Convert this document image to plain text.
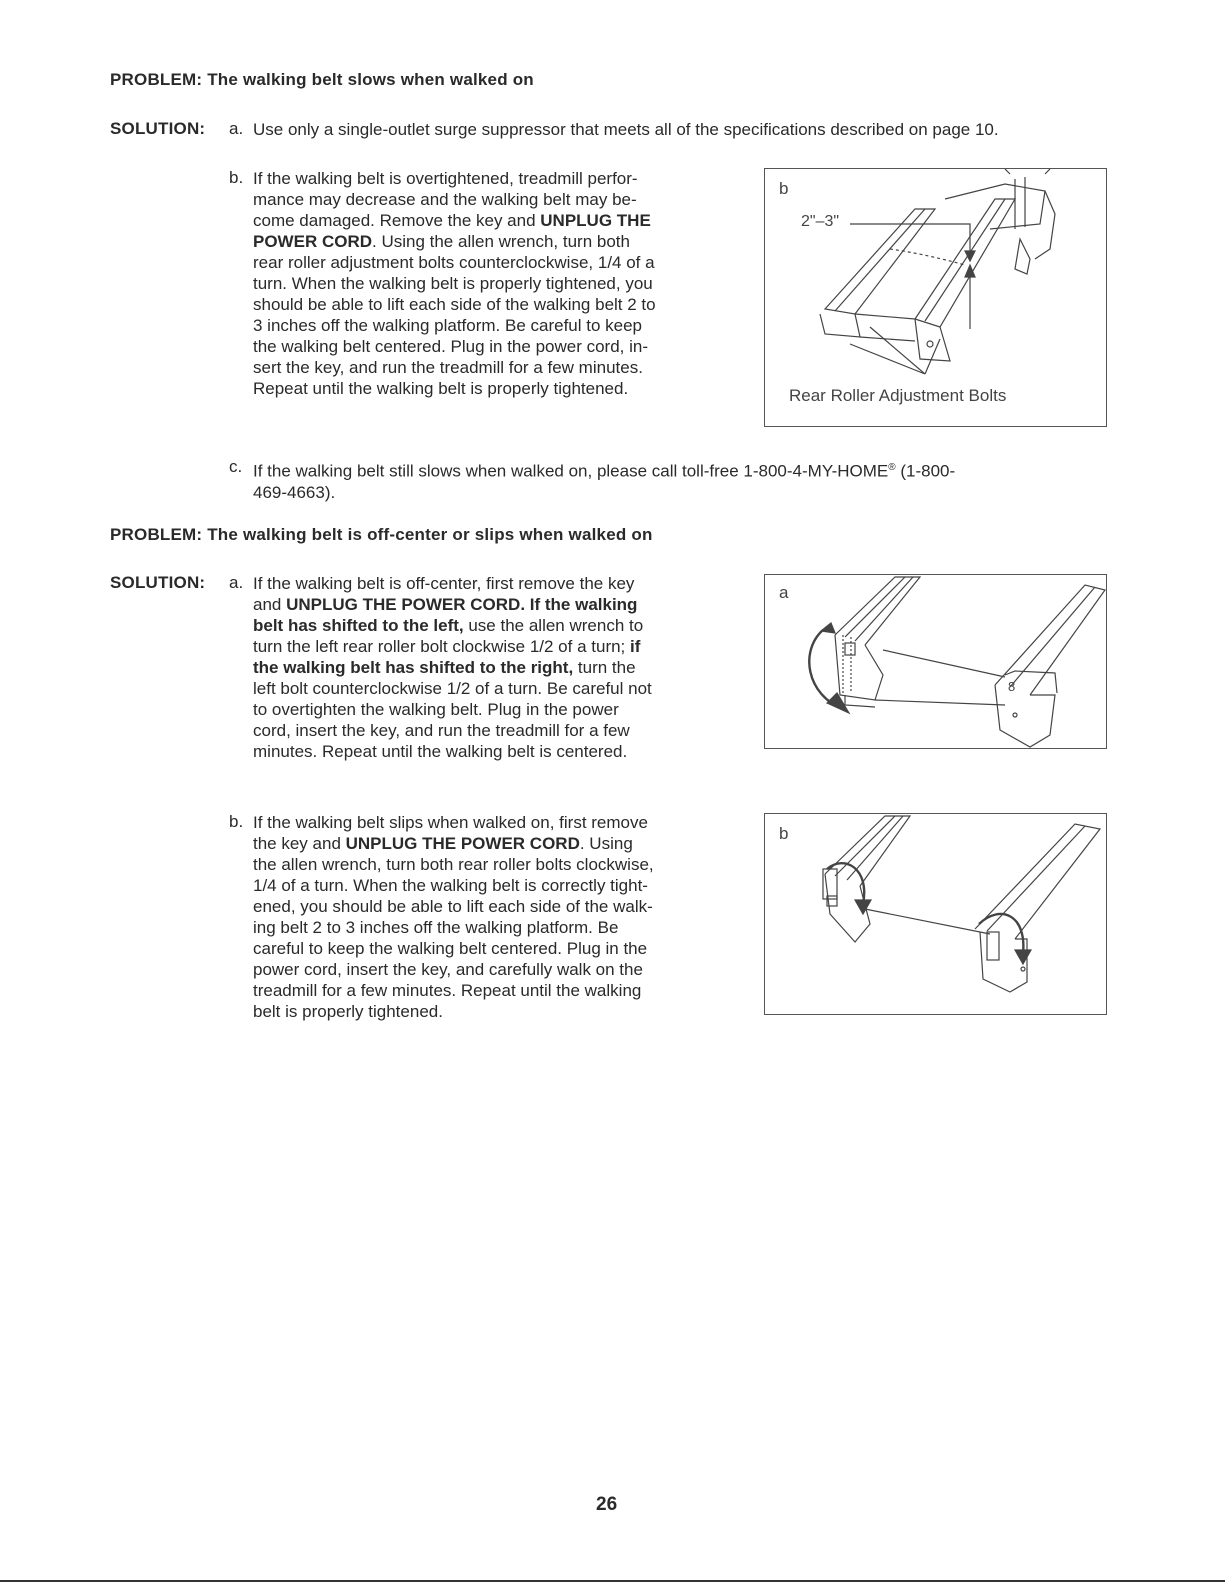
PROBLEM: The walking belt slows when walked on
SOLUTION: a. Use only a single-outlet surge suppressor that meets all of the specifications described on page 10.
b. If the walking belt is overtightened, treadmill perfor-
mance may decrease and the walking belt may be-
come damaged. Remove the key and UNPLUG THE
POWER CORD. Using the allen wrench, turn both
rear roller adjustment bolts counterclockwise, 1/4 of a
turn. When the walking belt is properly tightened, you
should be able to lift each side of the walking belt 2 to
3 inches off the walking platform. Be careful to keep
the walking belt centered. Plug in the power cord, in-
sert the key, and run the treadmill for a few minutes.
Repeat until the walking belt is properly tightened.
b
2"–3"
Rear Roller Adjustment Bolts
c. If the walking belt still slows when walked on, please call toll-free 1-800-4-MY-HOME® (1-800-
469-4663).
PROBLEM: The walking belt is off-center or slips when walked on
SOLUTION: a. If the walking belt is off-center, first remove the key
and UNPLUG THE POWER CORD. If the walking
belt has shifted to the left, use the allen wrench to
turn the left rear roller bolt clockwise 1/2 of a turn; if
the walking belt has shifted to the right, turn the
left bolt counterclockwise 1/2 of a turn. Be careful not
to overtighten the walking belt. Plug in the power
cord, insert the key, and run the treadmill for a few
minutes. Repeat until the walking belt is centered.
a
8
b. If the walking belt slips when walked on, first remove
the key and UNPLUG THE POWER CORD. Using
the allen wrench, turn both rear roller bolts clockwise,
1/4 of a turn. When the walking belt is correctly tight-
ened, you should be able to lift each side of the walk-
ing belt 2 to 3 inches off the walking platform. Be
careful to keep the walking belt centered. Plug in the
power cord, insert the key, and carefully walk on the
treadmill for a few minutes. Repeat until the walking
belt is properly tightened.
b
26
